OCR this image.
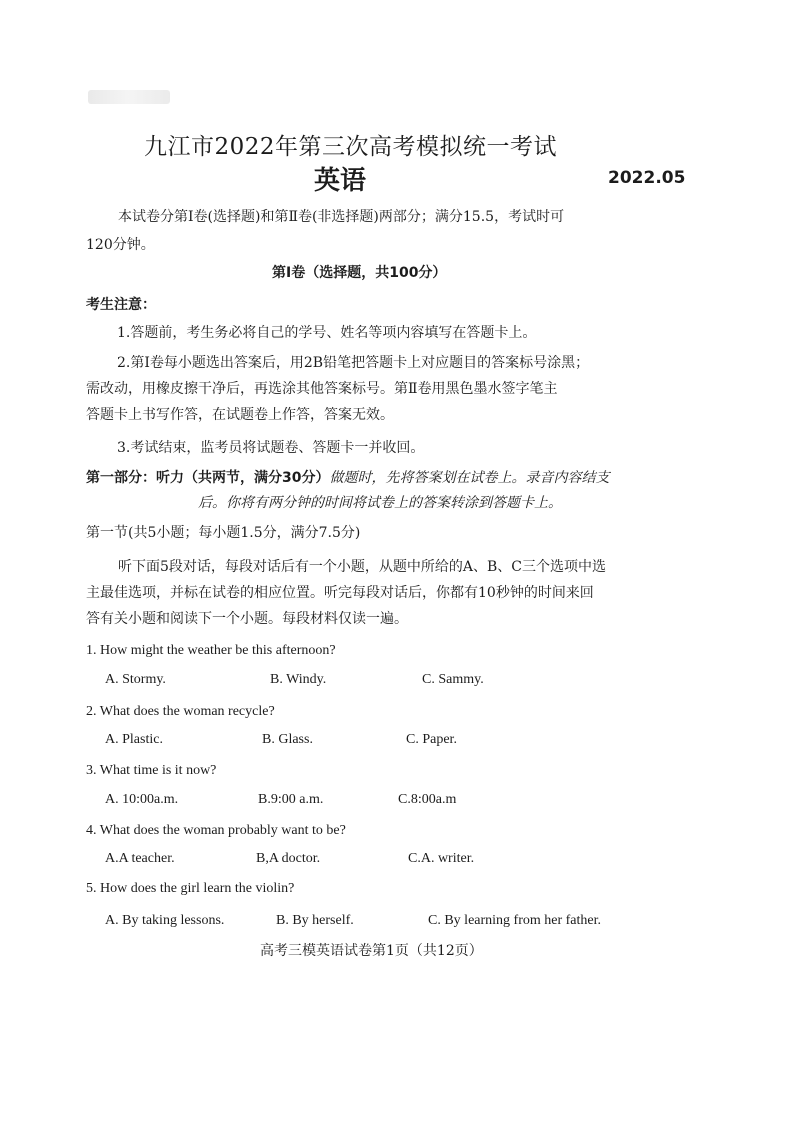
九江市2022年第三次高考模拟统一考试
英语	2022.05
本试卷分第Ⅰ卷(选择题)和第Ⅱ卷(非选择题)两部分；满分15.5，考试时可
120分钟。
第Ⅰ卷（选择题，共100分）
考生注意：
1.答题前，考生务必将自己的学号、姓名等项内容填写在答题卡上。
2.第Ⅰ卷每小题选出答案后，用2B铅笔把答题卡上对应题目的答案标号涂黑；
需改动，用橡皮擦干净后，再选涂其他答案标号。第Ⅱ卷用黑色墨水签字笔主
答题卡上书写作答，在试题卷上作答，答案无效。
3.考试结束，监考员将试题卷、答题卡一并收回。
第一部分：听力（共两节，满分30分）做题时，先将答案划在试卷上。录音内容结支
后。你将有两分钟的时间将试卷上的答案转涂到答题卡上。
第一节(共5小题；每小题1.5分，满分7.5分)
听下面5段对话，每段对话后有一个小题，从题中所给的A、B、C三个选项中选
主最佳选项，并标在试卷的相应位置。听完每段对话后，你都有10秒钟的时间来回
答有关小题和阅读下一个小题。每段材料仅读一遍。
1. How might the weather be this afternoon?
A. Stormy.	B. Windy.	C. Sammy.
2. What does the woman recycle?
A. Plastic.	B. Glass.	C. Paper.
3. What time is it now?
A. 10:00a.m.	B.9:00 a.m.	C.8:00a.m
4. What does the woman probably want to be?
A.A teacher.	B,A doctor.	C.A. writer.
5. How does the girl learn the violin?
A. By taking lessons.	B. By herself.	C. By learning from her father.
高考三模英语试卷第1页（共12页）
